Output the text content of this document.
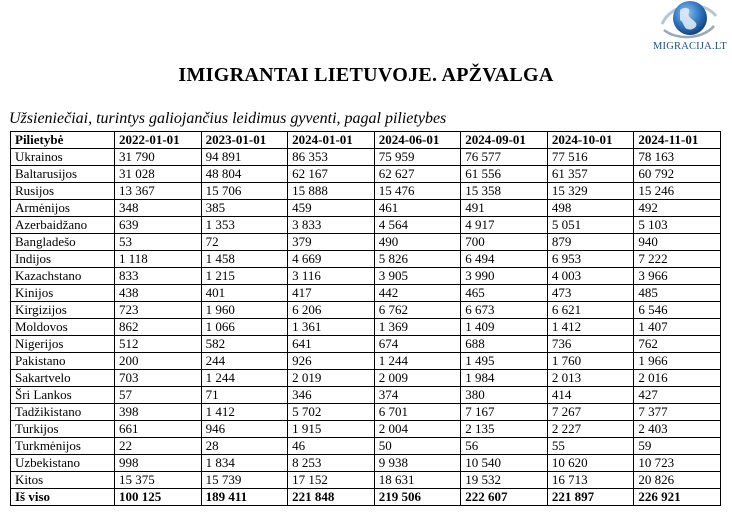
MIGRACIJA.LT
IMIGRANTAI LIETUVOJE. APŽVALGA
Užsieniečiai, turintys galiojančius leidimus gyventi, pagal pilietybes
Pilietybė	2022-01-01	2023-01-01	2024-01-01	2024-06-01	2024-09-01	2024-10-01	2024-11-01
Ukrainos	31 790	94 891	86 353	75 959	76 577	77 516	78 163
Baltarusijos	31 028	48 804	62 167	62 627	61 556	61 357	60 792
Rusijos	13 367	15 706	15 888	15 476	15 358	15 329	15 246
Armėnijos	348	385	459	461	491	498	492
Azerbaidžano	639	1 353	3 833	4 564	4 917	5 051	5 103
Bangladešo	53	72	379	490	700	879	940
Indijos	1 118	1 458	4 669	5 826	6 494	6 953	7 222
Kazachstano	833	1 215	3 116	3 905	3 990	4 003	3 966
Kinijos	438	401	417	442	465	473	485
Kirgizijos	723	1 960	6 206	6 762	6 673	6 621	6 546
Moldovos	862	1 066	1 361	1 369	1 409	1 412	1 407
Nigerijos	512	582	641	674	688	736	762
Pakistano	200	244	926	1 244	1 495	1 760	1 966
Sakartvelo	703	1 244	2 019	2 009	1 984	2 013	2 016
Šri Lankos	57	71	346	374	380	414	427
Tadžikistano	398	1 412	5 702	6 701	7 167	7 267	7 377
Turkijos	661	946	1 915	2 004	2 135	2 227	2 403
Turkmėnijos	22	28	46	50	56	55	59
Uzbekistano	998	1 834	8 253	9 938	10 540	10 620	10 723
Kitos	15 375	15 739	17 152	18 631	19 532	16 713	20 826
Iš viso	100 125	189 411	221 848	219 506	222 607	221 897	226 921
